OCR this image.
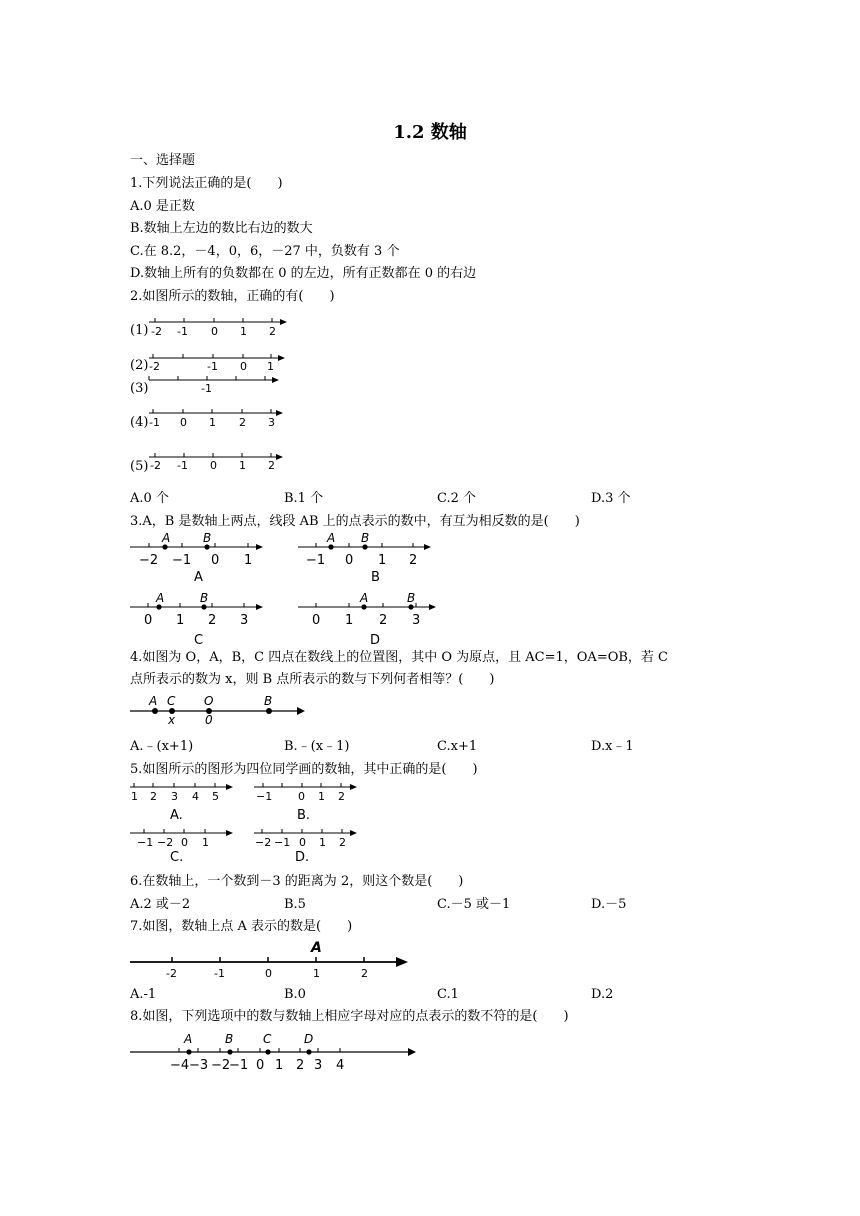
1.2 数轴
一、选择题
1.下列说法正确的是(　　)
A.0 是正数
B.数轴上左边的数比右边的数大
C.在 8.2，－4，0，6，－27 中，负数有 3 个
D.数轴上所有的负数都在 0 的左边，所有正数都在 0 的右边
2.如图所示的数轴，正确的有(　　)
(1) -2 -1 0 1 2
(2) -2	-1 0 1
(3)	-1
(4) -1 0 1 2 3
(5) -2 -1 0 1 2
A.0 个	B.1 个	C.2 个	D.3 个
3.A，B 是数轴上两点，线段 AB 上的点表示的数中，有互为相反数的是(　　)
A	B
−2 −1 0 1
A
A B
−1 0 1 2
B
A	B
0 1 2 3
C
A	B
0 1 2 3
D
4.如图为 O，A，B，C 四点在数线上的位置图，其中 O 为原点，且 AC=1，OA=OB，若 C
点所表示的数为 x，则 B 点所表示的数与下列何者相等？(　　)
A C O	B
x 0
A.﹣(x+1)	B.﹣(x﹣1)	C.x+1	D.x﹣1
5.如图所示的图形为四位同学画的数轴，其中正确的是(　　)
1 2 3 4 5
A.
−1 0 1 2
B.
−1 −2 0 1
C.
−2 −1 0 1 2
D.
6.在数轴上，一个数到－3 的距离为 2，则这个数是(　　)
A.2 或－2	B.5	C.－5 或－1	D.－5
7.如图，数轴上点 A 表示的数是(　　)
A
-2	-1	0	1	2
A.-1	B.0	C.1	D.2
8.如图，下列选项中的数与数轴上相应字母对应的点表示的数不符的是(　　)
A	B C	D
−4 −3 −2
−1 0 1 2 3 4
